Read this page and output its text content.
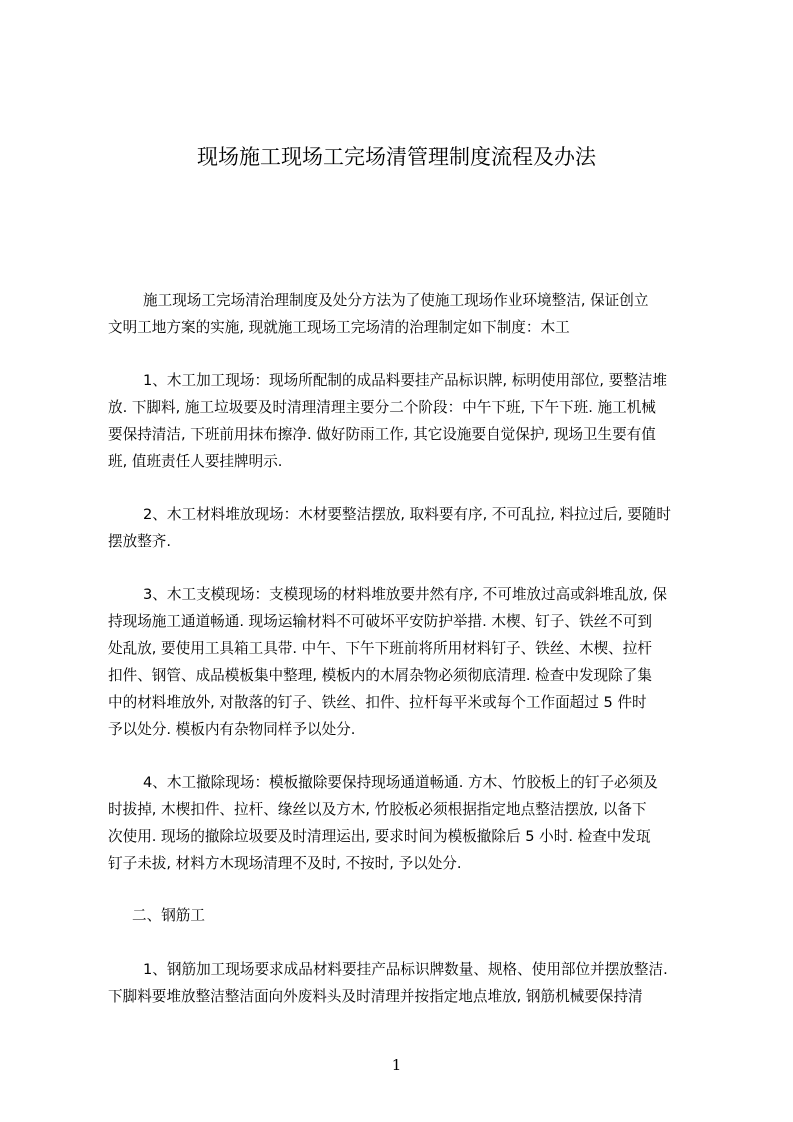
现场施工现场工完场清管理制度流程及办法
施工现场工完场清治理制度及处分方法为了使施工现场作业环境整洁, 保证创立
文明工地方案的实施, 现就施工现场工完场清的治理制定如下制度：木工
1、木工加工现场：现场所配制的成品料要挂产品标识牌, 标明使用部位, 要整洁堆
放. 下脚料, 施工垃圾要及时清理清理主要分二个阶段：中午下班, 下午下班. 施工机械
要保持清洁, 下班前用抹布擦净. 做好防雨工作, 其它设施要自觉保护, 现场卫生要有值
班, 值班责任人要挂牌明示.
2、木工材料堆放现场：木材要整洁摆放, 取料要有序, 不可乱拉, 料拉过后, 要随时
摆放整齐.
3、木工支模现场：支模现场的材料堆放要井然有序, 不可堆放过高或斜堆乱放, 保
持现场施工通道畅通. 现场运输材料不可破坏平安防护举措. 木楔、钉子、铁丝不可到
处乱放, 要使用工具箱工具带. 中午、下午下班前将所用材料钉子、铁丝、木楔、拉杆
扣件、钢管、成品模板集中整理, 模板内的木屑杂物必须彻底清理. 检查中发现除了集
中的材料堆放外, 对散落的钉子、铁丝、扣件、拉杆每平米或每个工作面超过 5 件时
予以处分. 模板内有杂物同样予以处分.
4、木工撤除现场：模板撤除要保持现场通道畅通. 方木、竹胶板上的钉子必须及
时拔掉, 木楔扣件、拉杆、缘丝以及方木, 竹胶板必须根据指定地点整洁摆放, 以备下
次使用. 现场的撤除垃圾要及时清理运出, 要求时间为模板撤除后 5 小时. 检查中发珁
钉子未拔, 材料方木现场清理不及时, 不按时, 予以处分.
二、钢筋工
1、钢筋加工现场要求成品材料要挂产品标识牌数量、规格、使用部位并摆放整洁.
下脚料要堆放整洁整洁面向外废料头及时清理并按指定地点堆放, 钢筋机械要保持清
1
